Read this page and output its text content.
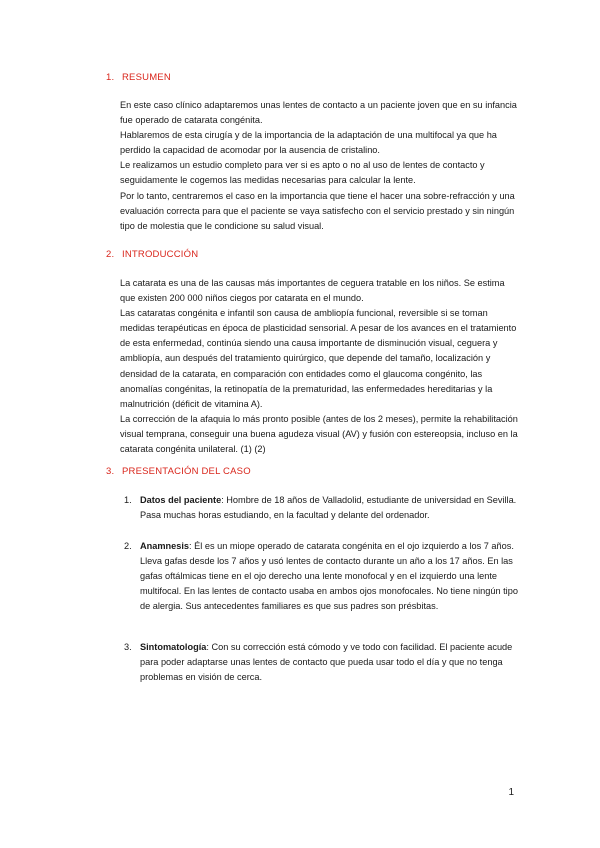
1. RESUMEN

En este caso clínico adaptaremos unas lentes de contacto a un paciente joven que en su infancia fue operado de catarata congénita.

Hablaremos de esta cirugía y de la importancia de la adaptación de una multifocal ya que ha perdido la capacidad de acomodar por la ausencia de cristalino.

Le realizamos un estudio completo para ver si es apto o no al uso de lentes de contacto y seguidamente le cogemos las medidas necesarias para calcular la lente.

Por lo tanto, centraremos el caso en la importancia que tiene el hacer una sobre-refracción y una evaluación correcta para que el paciente se vaya satisfecho con el servicio prestado y sin ningún tipo de molestia que le condicione su salud visual.

2. INTRODUCCIÓN

La catarata es una de las causas más importantes de ceguera tratable en los niños. Se estima que existen 200 000 niños ciegos por catarata en el mundo.

Las cataratas congénita e infantil son causa de ambliopía funcional, reversible si se toman medidas terapéuticas en época de plasticidad sensorial. A pesar de los avances en el tratamiento de esta enfermedad, continúa siendo una causa importante de disminución visual, ceguera y ambliopía, aun después del tratamiento quirúrgico, que depende del tamaño, localización y densidad de la catarata, en comparación con entidades como el glaucoma congénito, las anomalías congénitas, la retinopatía de la prematuridad, las enfermedades hereditarias y la malnutrición (déficit de vitamina A).

La corrección de la afaquia lo más pronto posible (antes de los 2 meses), permite la rehabilitación visual temprana, conseguir una buena agudeza visual (AV) y fusión con estereopsia, incluso en la catarata congénita unilateral. (1) (2)

3. PRESENTACIÓN DEL CASO
1. Datos del paciente: Hombre de 18 años de Valladolid, estudiante de universidad en Sevilla. Pasa muchas horas estudiando, en la facultad y delante del ordenador.
2. Anamnesis: Él es un miope operado de catarata congénita en el ojo izquierdo a los 7 años. Lleva gafas desde los 7 años y usó lentes de contacto durante un año a los 17 años. En las gafas oftálmicas tiene en el ojo derecho una lente monofocal y en el izquierdo una lente multifocal. En las lentes de contacto usaba en ambos ojos monofocales. No tiene ningún tipo de alergia. Sus antecedentes familiares es que sus padres son présbitas.
3. Sintomatología: Con su corrección está cómodo y ve todo con facilidad. El paciente acude para poder adaptarse unas lentes de contacto que pueda usar todo el día y que no tenga problemas en visión de cerca.
1
